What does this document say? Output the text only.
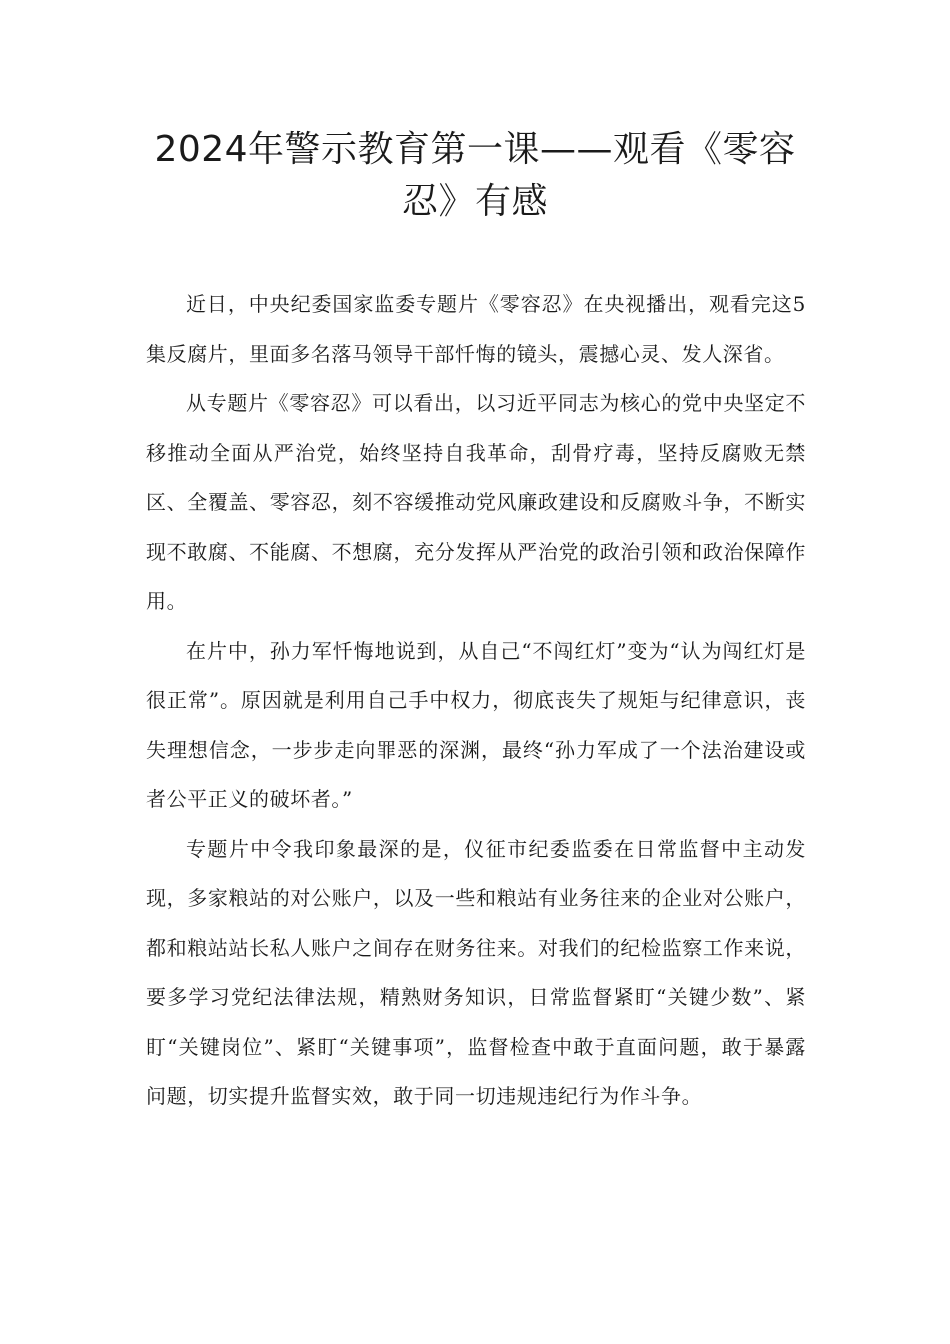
2024年警示教育第一课——观看《零容
忍》有感

近日，中央纪委国家监委专题片《零容忍》在央视播出，观看完这5集反腐片，里面多名落马领导干部忏悔的镜头，震撼心灵、发人深省。

从专题片《零容忍》可以看出，以习近平同志为核心的党中央坚定不移推动全面从严治党，始终坚持自我革命，刮骨疗毒，坚持反腐败无禁区、全覆盖、零容忍，刻不容缓推动党风廉政建设和反腐败斗争，不断实现不敢腐、不能腐、不想腐，充分发挥从严治党的政治引领和政治保障作用。

在片中，孙力军忏悔地说到，从自己“不闯红灯”变为“认为闯红灯是很正常”。原因就是利用自己手中权力，彻底丧失了规矩与纪律意识，丧失理想信念，一步步走向罪恶的深渊，最终“孙力军成了一个法治建设或者公平正义的破坏者。”

专题片中令我印象最深的是，仪征市纪委监委在日常监督中主动发现，多家粮站的对公账户，以及一些和粮站有业务往来的企业对公账户，都和粮站站长私人账户之间存在财务往来。对我们的纪检监察工作来说，要多学习党纪法律法规，精熟财务知识，日常监督紧盯“关键少数”、紧盯“关键岗位”、紧盯“关键事项”，监督检查中敢于直面问题，敢于暴露问题，切实提升监督实效，敢于同一切违规违纪行为作斗争。
